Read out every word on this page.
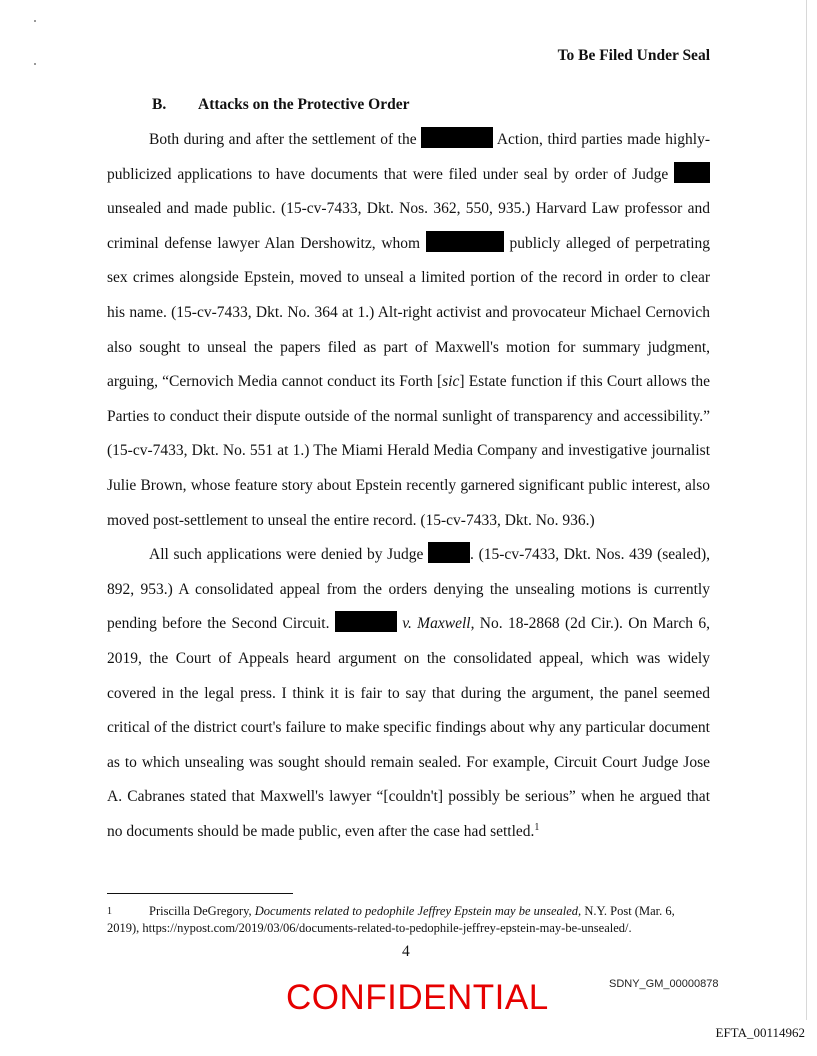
To Be Filed Under Seal
B. Attacks on the Protective Order

Both during and after the settlement of the	Action, third parties made highly-publicized applications to have documents that were filed under seal by order of Judge  unsealed and made public. (15-cv-7433, Dkt. Nos. 362, 550, 935.) Harvard Law professor and criminal defense lawyer Alan Dershowitz, whom	publicly alleged of perpetrating sex crimes alongside Epstein, moved to unseal a limited portion of the record in order to clear his name. (15-cv-7433, Dkt. No. 364 at 1.) Alt-right activist and provocateur Michael Cernovich also sought to unseal the papers filed as part of Maxwell's motion for summary judgment, arguing, “Cernovich Media cannot conduct its Forth [sic] Estate function if this Court allows the Parties to conduct their dispute outside of the normal sunlight of transparency and accessibility.” (15-cv-7433, Dkt. No. 551 at 1.) The Miami Herald Media Company and investigative journalist Julie Brown, whose feature story about Epstein recently garnered significant public interest, also moved post-settlement to unseal the entire record. (15-cv-7433, Dkt. No. 936.)

All such applications were denied by Judge	. (15-cv-7433, Dkt. Nos. 439 (sealed), 892, 953.) A consolidated appeal from the orders denying the unsealing motions is currently pending before the Second Circuit.	v. Maxwell, No. 18-2868 (2d Cir.). On March 6, 2019, the Court of Appeals heard argument on the consolidated appeal, which was widely covered in the legal press. I think it is fair to say that during the argument, the panel seemed critical of the district court's failure to make specific findings about why any particular document as to which unsealing was sought should remain sealed. For example, Circuit Court Judge Jose A. Cabranes stated that Maxwell's lawyer “[couldn't] possibly be serious” when he argued that no documents should be made public, even after the case had settled.$^1$

1	Priscilla DeGregory, Documents related to pedophile Jeffrey Epstein may be unsealed, N.Y. Post (Mar. 6, 2019), https://nypost.com/2019/03/06/documents-related-to-pedophile-jeffrey-epstein-may-be-unsealed/.
4
CONFIDENTIAL	SDNY_GM_00000878
EFTA_00114962
